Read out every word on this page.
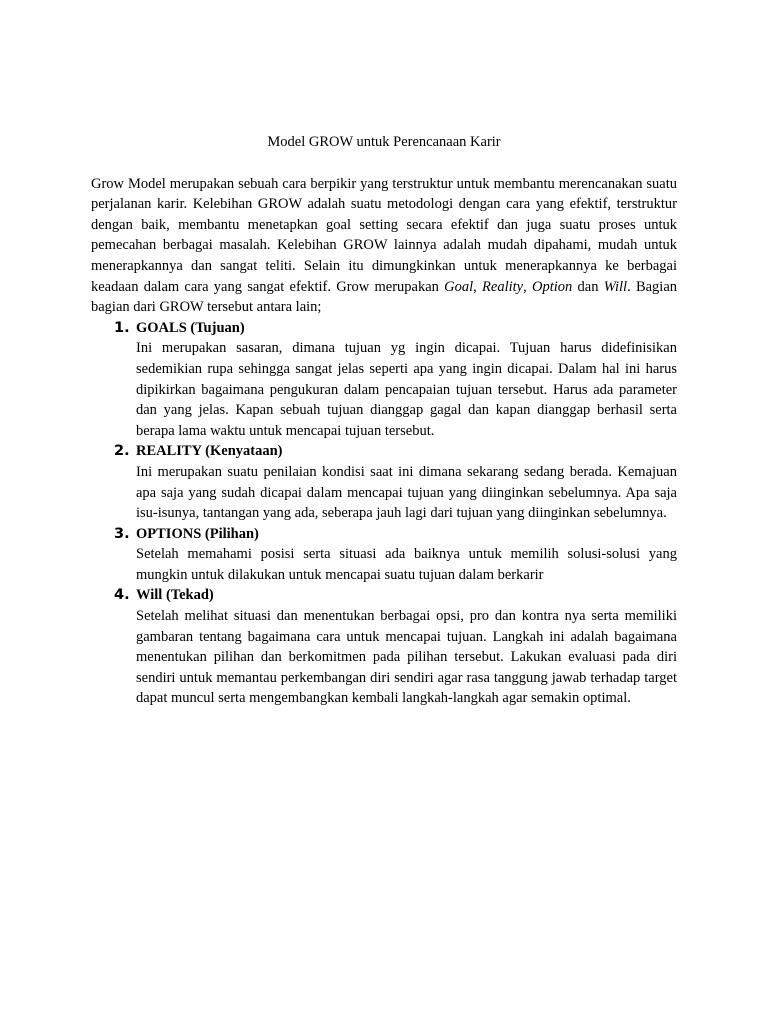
Model GROW untuk Perencanaan Karir

Grow Model merupakan sebuah cara berpikir yang terstruktur untuk membantu merencanakan suatu perjalanan karir. Kelebihan GROW adalah suatu metodologi dengan cara yang efektif, terstruktur dengan baik, membantu menetapkan goal setting secara efektif dan juga suatu proses untuk pemecahan berbagai masalah. Kelebihan GROW lainnya adalah mudah dipahami, mudah untuk menerapkannya dan sangat teliti. Selain itu dimungkinkan untuk menerapkannya ke berbagai keadaan dalam cara yang sangat efektif. Grow merupakan Goal, Reality, Option dan Will. Bagian bagian dari GROW tersebut antara lain;

1. GOALS (Tujuan)
Ini merupakan sasaran, dimana tujuan yg ingin dicapai. Tujuan harus didefinisikan sedemikian rupa sehingga sangat jelas seperti apa yang ingin dicapai. Dalam hal ini harus dipikirkan bagaimana pengukuran dalam pencapaian tujuan tersebut. Harus ada parameter dan yang jelas. Kapan sebuah tujuan dianggap gagal dan kapan dianggap berhasil serta berapa lama waktu untuk mencapai tujuan tersebut.
2. REALITY (Kenyataan)
Ini merupakan suatu penilaian kondisi saat ini dimana sekarang sedang berada. Kemajuan apa saja yang sudah dicapai dalam mencapai tujuan yang diinginkan sebelumnya. Apa saja isu-isunya, tantangan yang ada, seberapa jauh lagi dari tujuan yang diinginkan sebelumnya.
3. OPTIONS (Pilihan)
Setelah memahami posisi serta situasi ada baiknya untuk memilih solusi-solusi yang mungkin untuk dilakukan untuk mencapai suatu tujuan dalam berkarir
4. Will (Tekad)
Setelah melihat situasi dan menentukan berbagai opsi, pro dan kontra nya serta memiliki gambaran tentang bagaimana cara untuk mencapai tujuan. Langkah ini adalah bagaimana menentukan pilihan dan berkomitmen pada pilihan tersebut. Lakukan evaluasi pada diri sendiri untuk memantau perkembangan diri sendiri agar rasa tanggung jawab terhadap target dapat muncul serta mengembangkan kembali langkah-langkah agar semakin optimal.
